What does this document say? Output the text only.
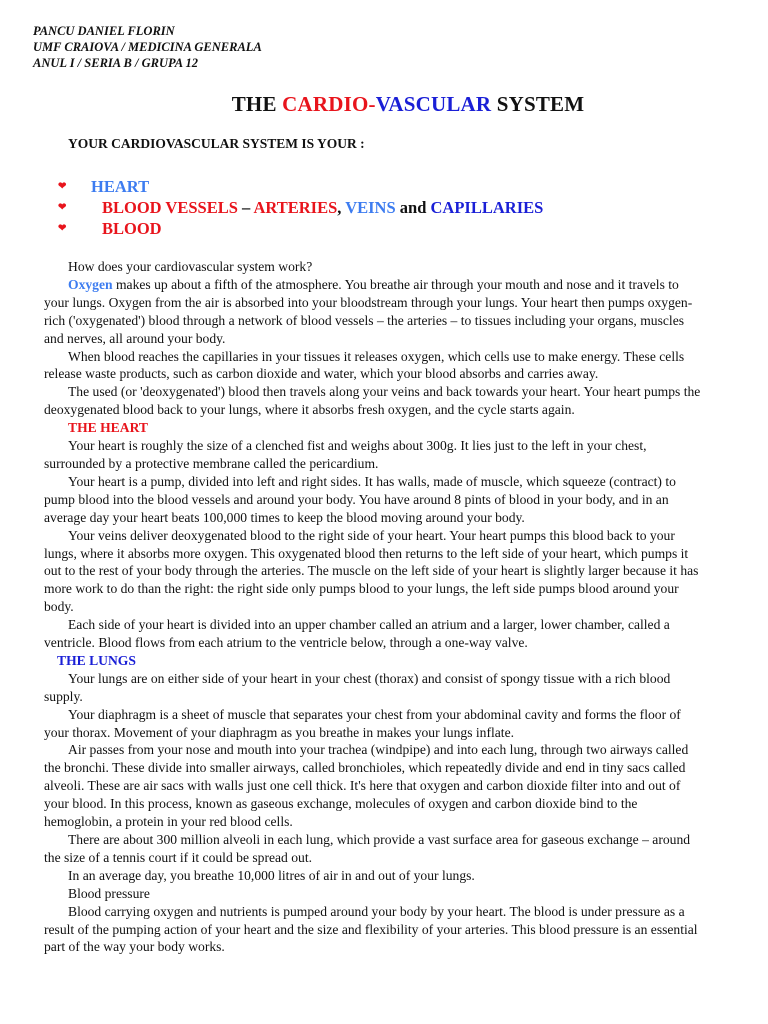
PANCU DANIEL FLORIN
UMF CRAIOVA / MEDICINA GENERALA
ANUL I / SERIA B / GRUPA 12
THE CARDIO-VASCULAR SYSTEM
YOUR CARDIOVASCULAR SYSTEM IS YOUR :
❤	HEART
❤	BLOOD VESSELS – ARTERIES, VEINS and CAPILLARIES
❤	BLOOD

How does your cardiovascular system work?

Oxygen makes up about a fifth of the atmosphere. You breathe air through your mouth and nose and it travels to your lungs. Oxygen from the air is absorbed into your bloodstream through your lungs. Your heart then pumps oxygen-rich ('oxygenated') blood through a network of blood vessels – the arteries – to tissues including your organs, muscles and nerves, all around your body.

When blood reaches the capillaries in your tissues it releases oxygen, which cells use to make energy. These cells release waste products, such as carbon dioxide and water, which your blood absorbs and carries away.

The used (or 'deoxygenated') blood then travels along your veins and back towards your heart. Your heart pumps the deoxygenated blood back to your lungs, where it absorbs fresh oxygen, and the cycle starts again.

THE HEART

Your heart is roughly the size of a clenched fist and weighs about 300g. It lies just to the left in your chest, surrounded by a protective membrane called the pericardium.

Your heart is a pump, divided into left and right sides. It has walls, made of muscle, which squeeze (contract) to pump blood into the blood vessels and around your body. You have around 8 pints of blood in your body, and in an average day your heart beats 100,000 times to keep the blood moving around your body.

Your veins deliver deoxygenated blood to the right side of your heart. Your heart pumps this blood back to your lungs, where it absorbs more oxygen. This oxygenated blood then returns to the left side of your heart, which pumps it out to the rest of your body through the arteries. The muscle on the left side of your heart is slightly larger because it has more work to do than the right: the right side only pumps blood to your lungs, the left side pumps blood around your body.

Each side of your heart is divided into an upper chamber called an atrium and a larger, lower chamber, called a ventricle. Blood flows from each atrium to the ventricle below, through a one-way valve.

THE LUNGS

Your lungs are on either side of your heart in your chest (thorax) and consist of spongy tissue with a rich blood supply.

Your diaphragm is a sheet of muscle that separates your chest from your abdominal cavity and forms the floor of your thorax. Movement of your diaphragm as you breathe in makes your lungs inflate.

Air passes from your nose and mouth into your trachea (windpipe) and into each lung, through two airways called the bronchi. These divide into smaller airways, called bronchioles, which repeatedly divide and end in tiny sacs called alveoli. These are air sacs with walls just one cell thick. It's here that oxygen and carbon dioxide filter into and out of your blood. In this process, known as gaseous exchange, molecules of oxygen and carbon dioxide bind to the hemoglobin, a protein in your red blood cells.

There are about 300 million alveoli in each lung, which provide a vast surface area for gaseous exchange – around the size of a tennis court if it could be spread out.

In an average day, you breathe 10,000 litres of air in and out of your lungs.

Blood pressure

Blood carrying oxygen and nutrients is pumped around your body by your heart. The blood is under pressure as a result of the pumping action of your heart and the size and flexibility of your arteries. This blood pressure is an essential part of the way your body works.
